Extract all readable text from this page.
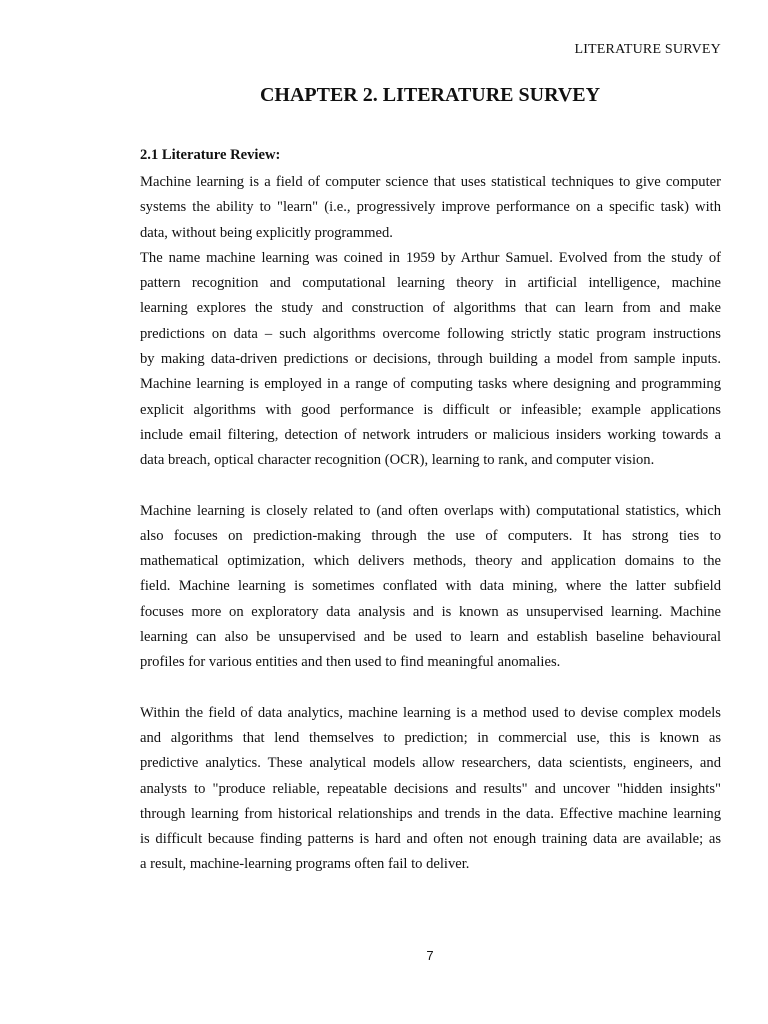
LITERATURE SURVEY
CHAPTER 2. LITERATURE SURVEY
2.1 Literature Review:

Machine learning is a field of computer science that uses statistical techniques to give computer
systems the ability to "learn" (i.e., progressively improve performance on a specific task) with
data, without being explicitly programmed.

The name machine learning was coined in 1959 by Arthur Samuel. Evolved from the study of
pattern recognition and computational learning theory in artificial intelligence, machine
learning explores the study and construction of algorithms that can learn from and make
predictions on data – such algorithms overcome following strictly static program instructions
by making data-driven predictions or decisions, through building a model from sample inputs.
Machine learning is employed in a range of computing tasks where designing and programming
explicit algorithms with good performance is difficult or infeasible; example applications
include email filtering, detection of network intruders or malicious insiders working towards a
data breach, optical character recognition (OCR), learning to rank, and computer vision.

Machine learning is closely related to (and often overlaps with) computational statistics, which
also focuses on prediction-making through the use of computers. It has strong ties to
mathematical optimization, which delivers methods, theory and application domains to the
field. Machine learning is sometimes conflated with data mining, where the latter subfield
focuses more on exploratory data analysis and is known as unsupervised learning. Machine
learning can also be unsupervised and be used to learn and establish baseline behavioural
profiles for various entities and then used to find meaningful anomalies.

Within the field of data analytics, machine learning is a method used to devise complex models
and algorithms that lend themselves to prediction; in commercial use, this is known as
predictive analytics. These analytical models allow researchers, data scientists, engineers, and
analysts to "produce reliable, repeatable decisions and results" and uncover "hidden insights"
through learning from historical relationships and trends in the data. Effective machine learning
is difficult because finding patterns is hard and often not enough training data are available; as
a result, machine-learning programs often fail to deliver.

7
